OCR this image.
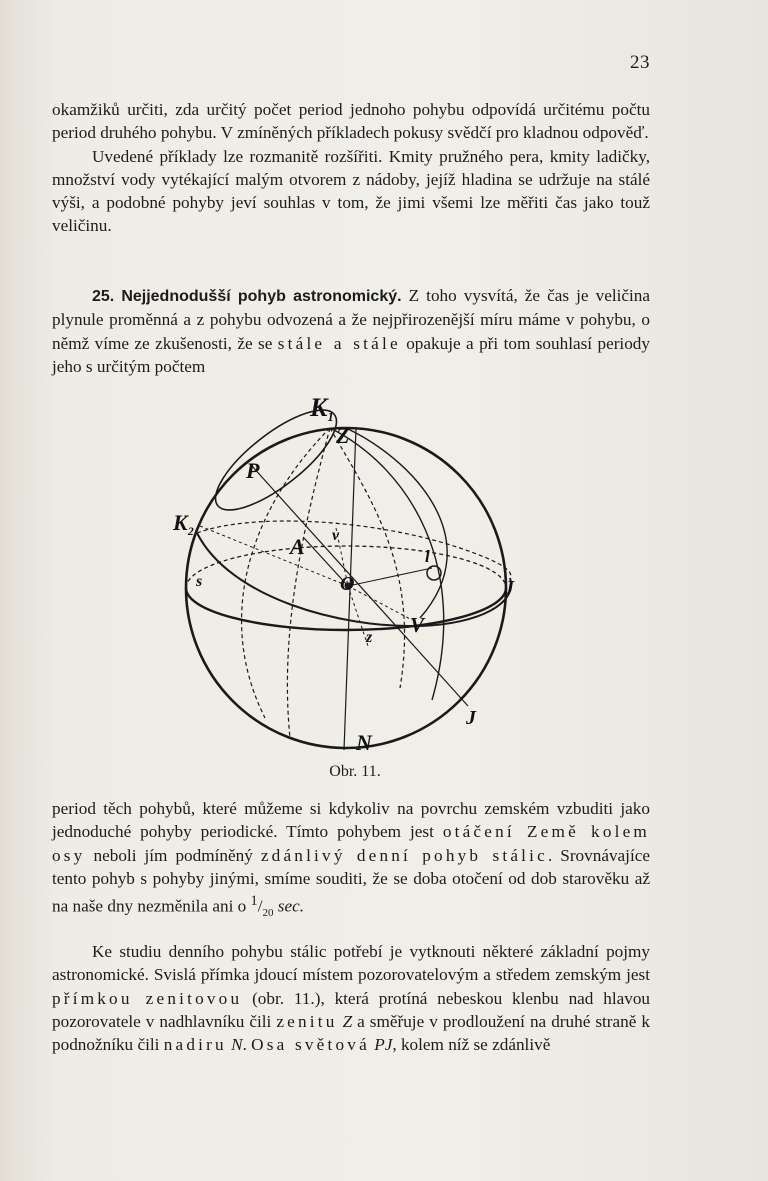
23

okamžiků určiti, zda určitý počet period jednoho pohybu odpovídá určitému počtu period druhého pohybu. V zmíněných příkladech pokusy svědčí pro kladnou odpověď.

Uvedené příklady lze rozmanitě rozšířiti. Kmity pružného pera, kmity ladičky, množství vody vytékající malým otvorem z nádoby, jejíž hladina se udržuje na stálé výši, a podobné pohyby jeví souhlas v tom, že jimi všemi lze měřiti čas jako touž veličinu.

25. Nejjednodušší pohyb astronomický. Z toho vysvítá, že čas je veličina plynule proměnná a z pohybu odvozená a že nejpřirozenější míru máme v pohybu, o němž víme ze zkušenosti, že se stále a stále opakuje a při tom souhlasí periody jeho s určitým počtem

K1
Z
P
$K_2$
A v
O
l
J
s
z
V
J
N
Obr. 11.

period těch pohybů, které můžeme si kdykoliv na povrchu zemském vzbuditi jako jednoduché pohyby periodické. Tímto pohybem jest otáčení Země kolem osy neboli jím podmíněný zdánlivý denní pohyb stálic. Srovnávajíce tento pohyb s pohyby jinými, smíme souditi, že se doba otočení od dob starověku až na naše dny nezměnila ani o $^1/_{20}$ sec.

Ke studiu denního pohybu stálic potřebí je vytknouti některé základní pojmy astronomické. Svislá přímka jdoucí místem pozorovatelovým a středem zemským jest přímkou zenitovou (obr. 11.), která protíná nebeskou klenbu nad hlavou pozorovatele v nadhlavníku čili zenitu Z a směřuje v prodloužení na druhé straně k podnožníku čili nadiru N. Osa světová PJ, kolem níž se zdánlivě
